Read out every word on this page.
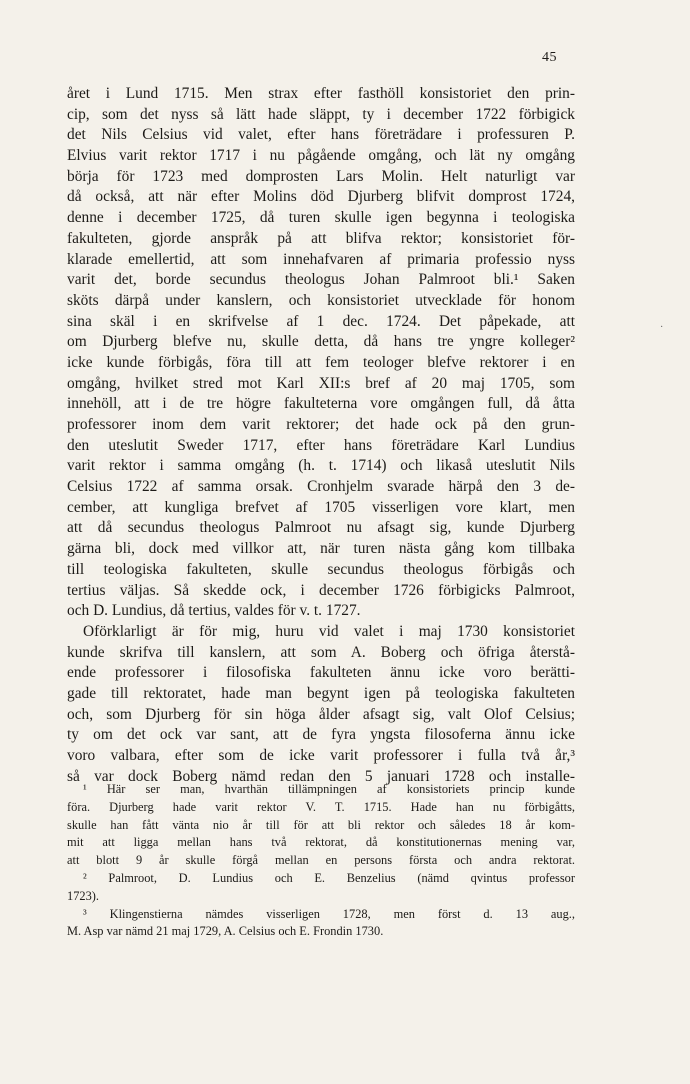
45
·
året i Lund 1715. Men strax efter fasthöll konsistoriet den prin-
cip, som det nyss så lätt hade släppt, ty i december 1722 förbigick
det Nils Celsius vid valet, efter hans företrädare i professuren P.
Elvius varit rektor 1717 i nu pågående omgång, och lät ny omgång
börja för 1723 med domprosten Lars Molin. Helt naturligt var
då också, att när efter Molins död Djurberg blifvit domprost 1724,
denne i december 1725, då turen skulle igen begynna i teologiska
fakulteten, gjorde anspråk på att blifva rektor; konsistoriet för-
klarade emellertid, att som innehafvaren af primaria professio nyss
varit det, borde secundus theologus Johan Palmroot bli.¹ Saken
sköts därpå under kanslern, och konsistoriet utvecklade för honom
sina skäl i en skrifvelse af 1 dec. 1724. Det påpekade, att
om Djurberg blefve nu, skulle detta, då hans tre yngre kolleger²
icke kunde förbigås, föra till att fem teologer blefve rektorer i en
omgång, hvilket stred mot Karl XII:s bref af 20 maj 1705, som
innehöll, att i de tre högre fakulteterna vore omgången full, då åtta
professorer inom dem varit rektorer; det hade ock på den grun-
den uteslutit Sweder 1717, efter hans företrädare Karl Lundius
varit rektor i samma omgång (h. t. 1714) och likaså uteslutit Nils
Celsius 1722 af samma orsak. Cronhjelm svarade härpå den 3 de-
cember, att kungliga brefvet af 1705 visserligen vore klart, men
att då secundus theologus Palmroot nu afsagt sig, kunde Djurberg
gärna bli, dock med villkor att, när turen nästa gång kom tillbaka
till teologiska fakulteten, skulle secundus theologus förbigås och
tertius väljas. Så skedde ock, i december 1726 förbigicks Palmroot,
och D. Lundius, då tertius, valdes för v. t. 1727.
Oförklarligt är för mig, huru vid valet i maj 1730 konsistoriet
kunde skrifva till kanslern, att som A. Boberg och öfriga återstå-
ende professorer i filosofiska fakulteten ännu icke voro berätti-
gade till rektoratet, hade man begynt igen på teologiska fakulteten
och, som Djurberg för sin höga ålder afsagt sig, valt Olof Celsius;
ty om det ock var sant, att de fyra yngsta filosoferna ännu icke
voro valbara, efter som de icke varit professorer i fulla två år,³
så var dock Boberg nämd redan den 5 januari 1728 och installe-
¹ Här ser man, hvarthän tillämpningen af konsistoriets princip kunde
föra. Djurberg hade varit rektor V. T. 1715. Hade han nu förbigåtts,
skulle han fått vänta nio år till för att bli rektor och således 18 år kom-
mit att ligga mellan hans två rektorat, då konstitutionernas mening var,
att blott 9 år skulle förgå mellan en persons första och andra rektorat.
² Palmroot, D. Lundius och E. Benzelius (nämd qvintus professor
1723).
³ Klingenstierna nämdes visserligen 1728, men först d. 13 aug.,
M. Asp var nämd 21 maj 1729, A. Celsius och E. Frondin 1730.
